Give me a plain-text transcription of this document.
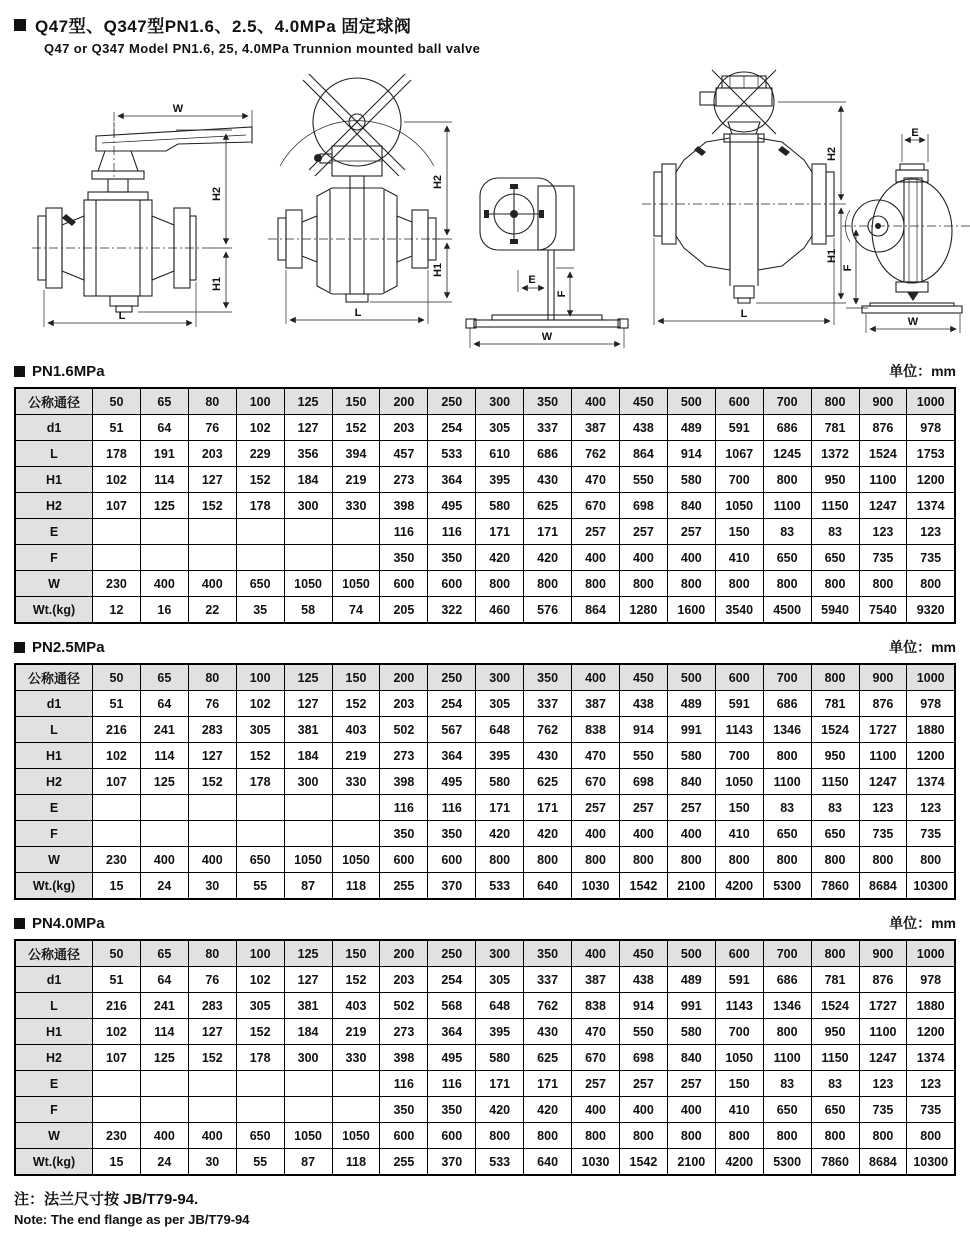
Q47型、Q347型PN1.6、2.5、4.0MPa 固定球阀
Q47 or Q347 Model PN1.6, 25, 4.0MPa Trunnion mounted ball valve
W
H2
H1
L
H2
H1
L
E
F
W
H2
H1
L
E
F
W
PN1.6MPa	单位：mm
公称通径	50	65	80	100	125	150	200	250	300	350	400	450	500	600	700	800	900	1000
d1	51	64	76	102	127	152	203	254	305	337	387	438	489	591	686	781	876	978
L	178	191	203	229	356	394	457	533	610	686	762	864	914	1067	1245	1372	1524	1753
H1	102	114	127	152	184	219	273	364	395	430	470	550	580	700	800	950	1100	1200
H2	107	125	152	178	300	330	398	495	580	625	670	698	840	1050	1100	1150	1247	1374
E							116	116	171	171	257	257	257	150	83	83	123	123
F							350	350	420	420	400	400	400	410	650	650	735	735
W	230	400	400	650	1050	1050	600	600	800	800	800	800	800	800	800	800	800	800
Wt.(kg)	12	16	22	35	58	74	205	322	460	576	864	1280	1600	3540	4500	5940	7540	9320
PN2.5MPa	单位：mm
公称通径	50	65	80	100	125	150	200	250	300	350	400	450	500	600	700	800	900	1000
d1	51	64	76	102	127	152	203	254	305	337	387	438	489	591	686	781	876	978
L	216	241	283	305	381	403	502	567	648	762	838	914	991	1143	1346	1524	1727	1880
H1	102	114	127	152	184	219	273	364	395	430	470	550	580	700	800	950	1100	1200
H2	107	125	152	178	300	330	398	495	580	625	670	698	840	1050	1100	1150	1247	1374
E							116	116	171	171	257	257	257	150	83	83	123	123
F							350	350	420	420	400	400	400	410	650	650	735	735
W	230	400	400	650	1050	1050	600	600	800	800	800	800	800	800	800	800	800	800
Wt.(kg)	15	24	30	55	87	118	255	370	533	640	1030	1542	2100	4200	5300	7860	8684	10300
PN4.0MPa	单位：mm
公称通径	50	65	80	100	125	150	200	250	300	350	400	450	500	600	700	800	900	1000
d1	51	64	76	102	127	152	203	254	305	337	387	438	489	591	686	781	876	978
L	216	241	283	305	381	403	502	568	648	762	838	914	991	1143	1346	1524	1727	1880
H1	102	114	127	152	184	219	273	364	395	430	470	550	580	700	800	950	1100	1200
H2	107	125	152	178	300	330	398	495	580	625	670	698	840	1050	1100	1150	1247	1374
E							116	116	171	171	257	257	257	150	83	83	123	123
F							350	350	420	420	400	400	400	410	650	650	735	735
W	230	400	400	650	1050	1050	600	600	800	800	800	800	800	800	800	800	800	800
Wt.(kg)	15	24	30	55	87	118	255	370	533	640	1030	1542	2100	4200	5300	7860	8684	10300
注：法兰尺寸按 JB/T79-94.
Note: The end flange as per JB/T79-94
